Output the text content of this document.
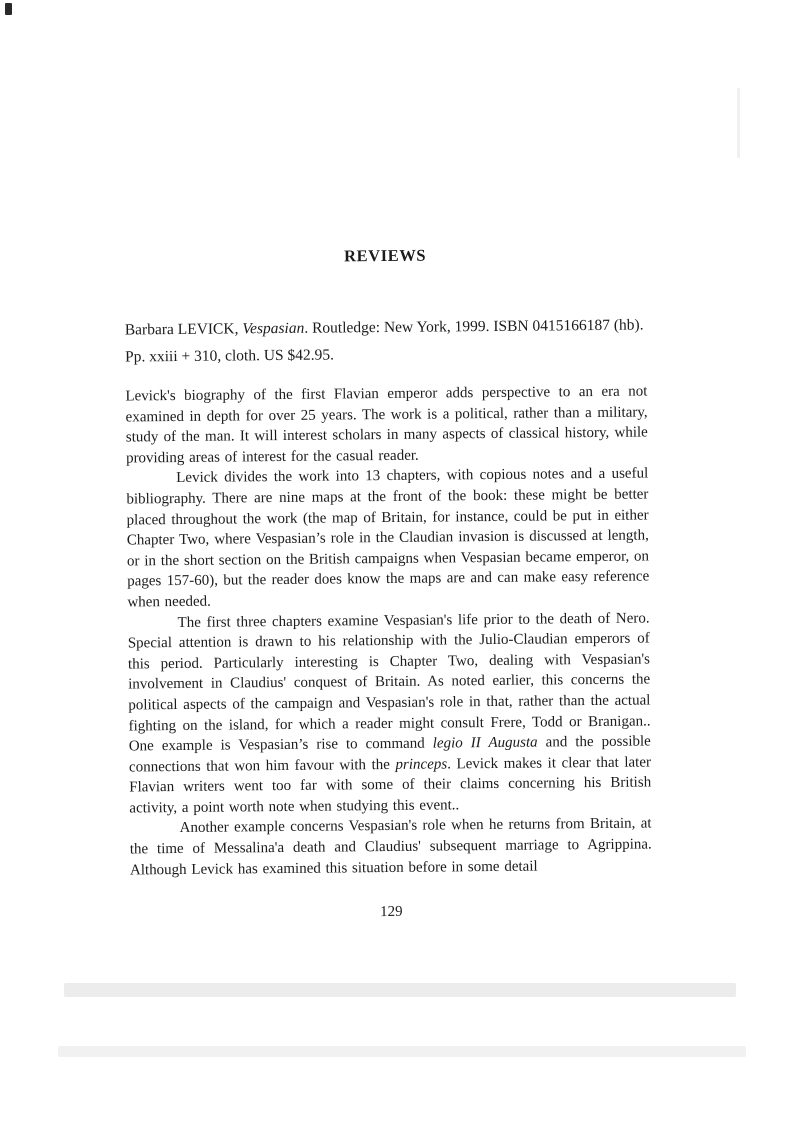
REVIEWS

Barbara LEVICK, Vespasian. Routledge: New York, 1999. ISBN 0415166187 (hb). Pp. xxiii + 310, cloth. US $42.95.

Levick's biography of the first Flavian emperor adds perspective to an era not examined in depth for over 25 years. The work is a political, rather than a military, study of the man. It will interest scholars in many aspects of classical history, while providing areas of interest for the casual reader.

Levick divides the work into 13 chapters, with copious notes and a useful bibliography. There are nine maps at the front of the book: these might be better placed throughout the work (the map of Britain, for instance, could be put in either Chapter Two, where Vespasian’s role in the Claudian invasion is discussed at length, or in the short section on the British campaigns when Vespasian became emperor, on pages 157-60), but the reader does know the maps are and can make easy reference when needed.

The first three chapters examine Vespasian's life prior to the death of Nero. Special attention is drawn to his relationship with the Julio-Claudian emperors of this period. Particularly interesting is Chapter Two, dealing with Vespasian's involvement in Claudius' conquest of Britain. As noted earlier, this concerns the political aspects of the campaign and Vespasian's role in that, rather than the actual fighting on the island, for which a reader might consult Frere, Todd or Branigan.. One example is Vespasian’s rise to command legio II Augusta and the possible connections that won him favour with the princeps. Levick makes it clear that later Flavian writers went too far with some of their claims concerning his British activity, a point worth note when studying this event..

Another example concerns Vespasian's role when he returns from Britain, at the time of Messalina'a death and Claudius' subsequent marriage to Agrippina. Although Levick has examined this situation before in some detail

129
